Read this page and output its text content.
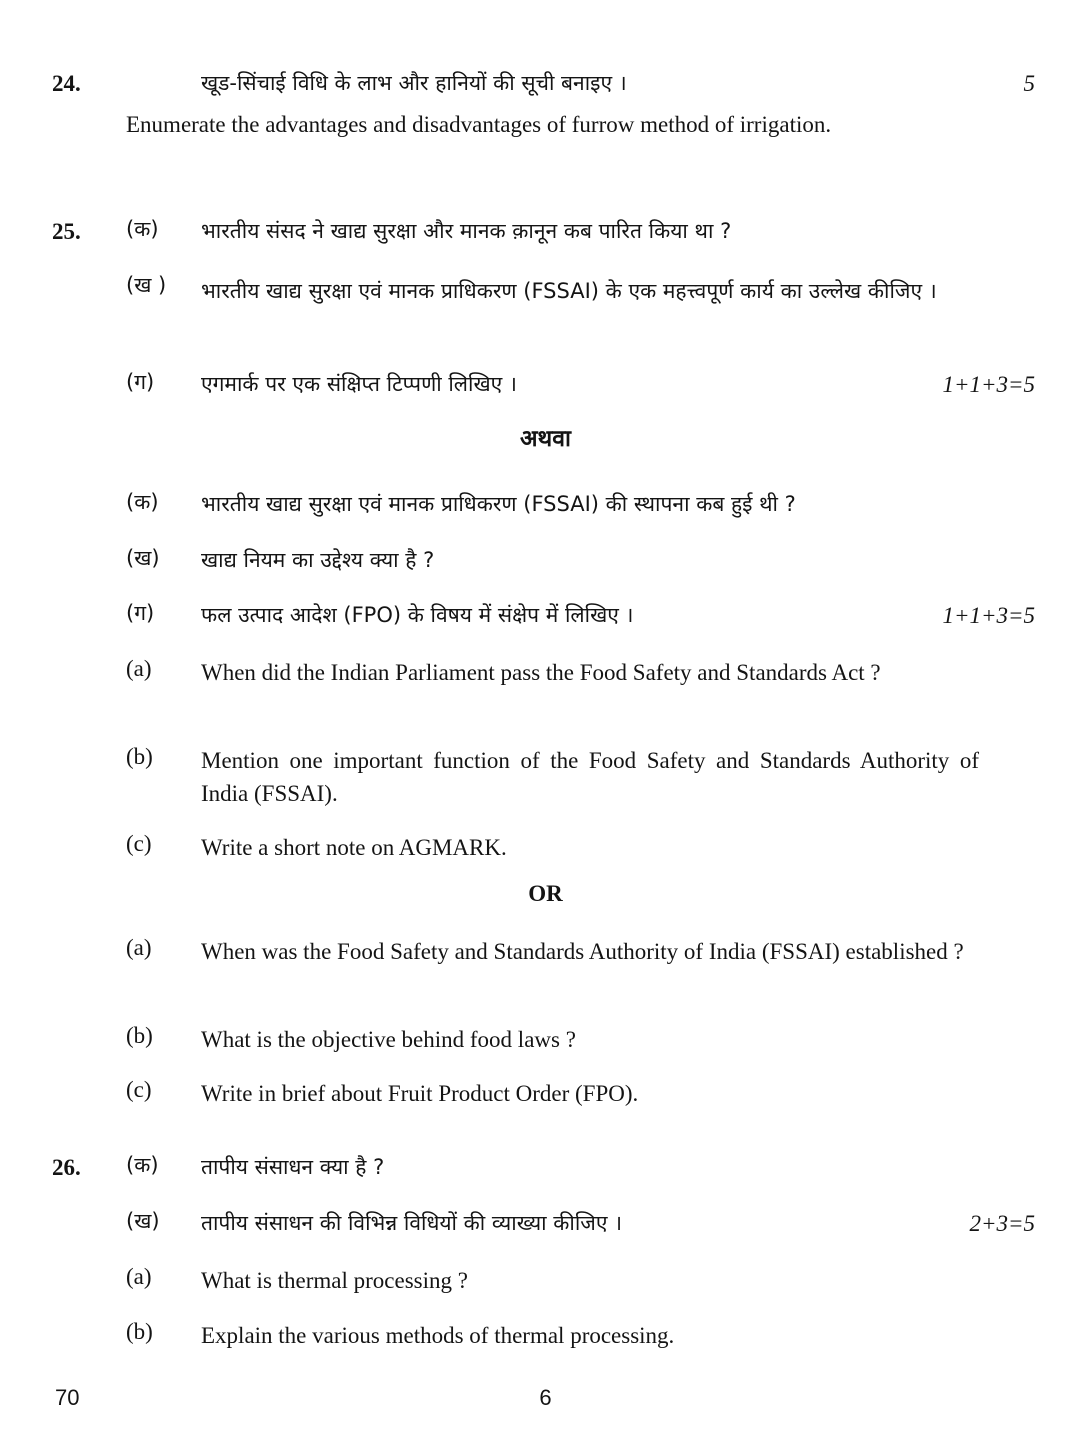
24.	खूड-सिंचाई विधि के लाभ और हानियों की सूची बनाइए ।	5
Enumerate the advantages and disadvantages of furrow method of irrigation.
25. (क) भारतीय संसद ने खाद्य सुरक्षा और मानक क़ानून कब पारित किया था ?
(ख ) भारतीय खाद्य सुरक्षा एवं मानक प्राधिकरण (FSSAI) के एक महत्त्वपूर्ण कार्य का उल्लेख कीजिए ।
(ग) एगमार्क पर एक संक्षिप्त टिप्पणी लिखिए ।	1+1+3=5
अथवा
(क) भारतीय खाद्य सुरक्षा एवं मानक प्राधिकरण (FSSAI) की स्थापना कब हुई थी ?
(ख) खाद्य नियम का उद्देश्य क्या है ?
(ग) फल उत्पाद आदेश (FPO) के विषय में संक्षेप में लिखिए ।	1+1+3=5
(a) When did the Indian Parliament pass the Food Safety and Standards Act ?
(b) Mention one important function of the Food Safety and Standards Authority of India (FSSAI).
(c) Write a short note on AGMARK.
OR
(a) When was the Food Safety and Standards Authority of India (FSSAI) established ?
(b) What is the objective behind food laws ?
(c) Write in brief about Fruit Product Order (FPO).
26. (क) तापीय संसाधन क्या है ?
(ख) तापीय संसाधन की विभिन्न विधियों की व्याख्या कीजिए ।	2+3=5
(a) What is thermal processing ?
(b) Explain the various methods of thermal processing.
70	6
